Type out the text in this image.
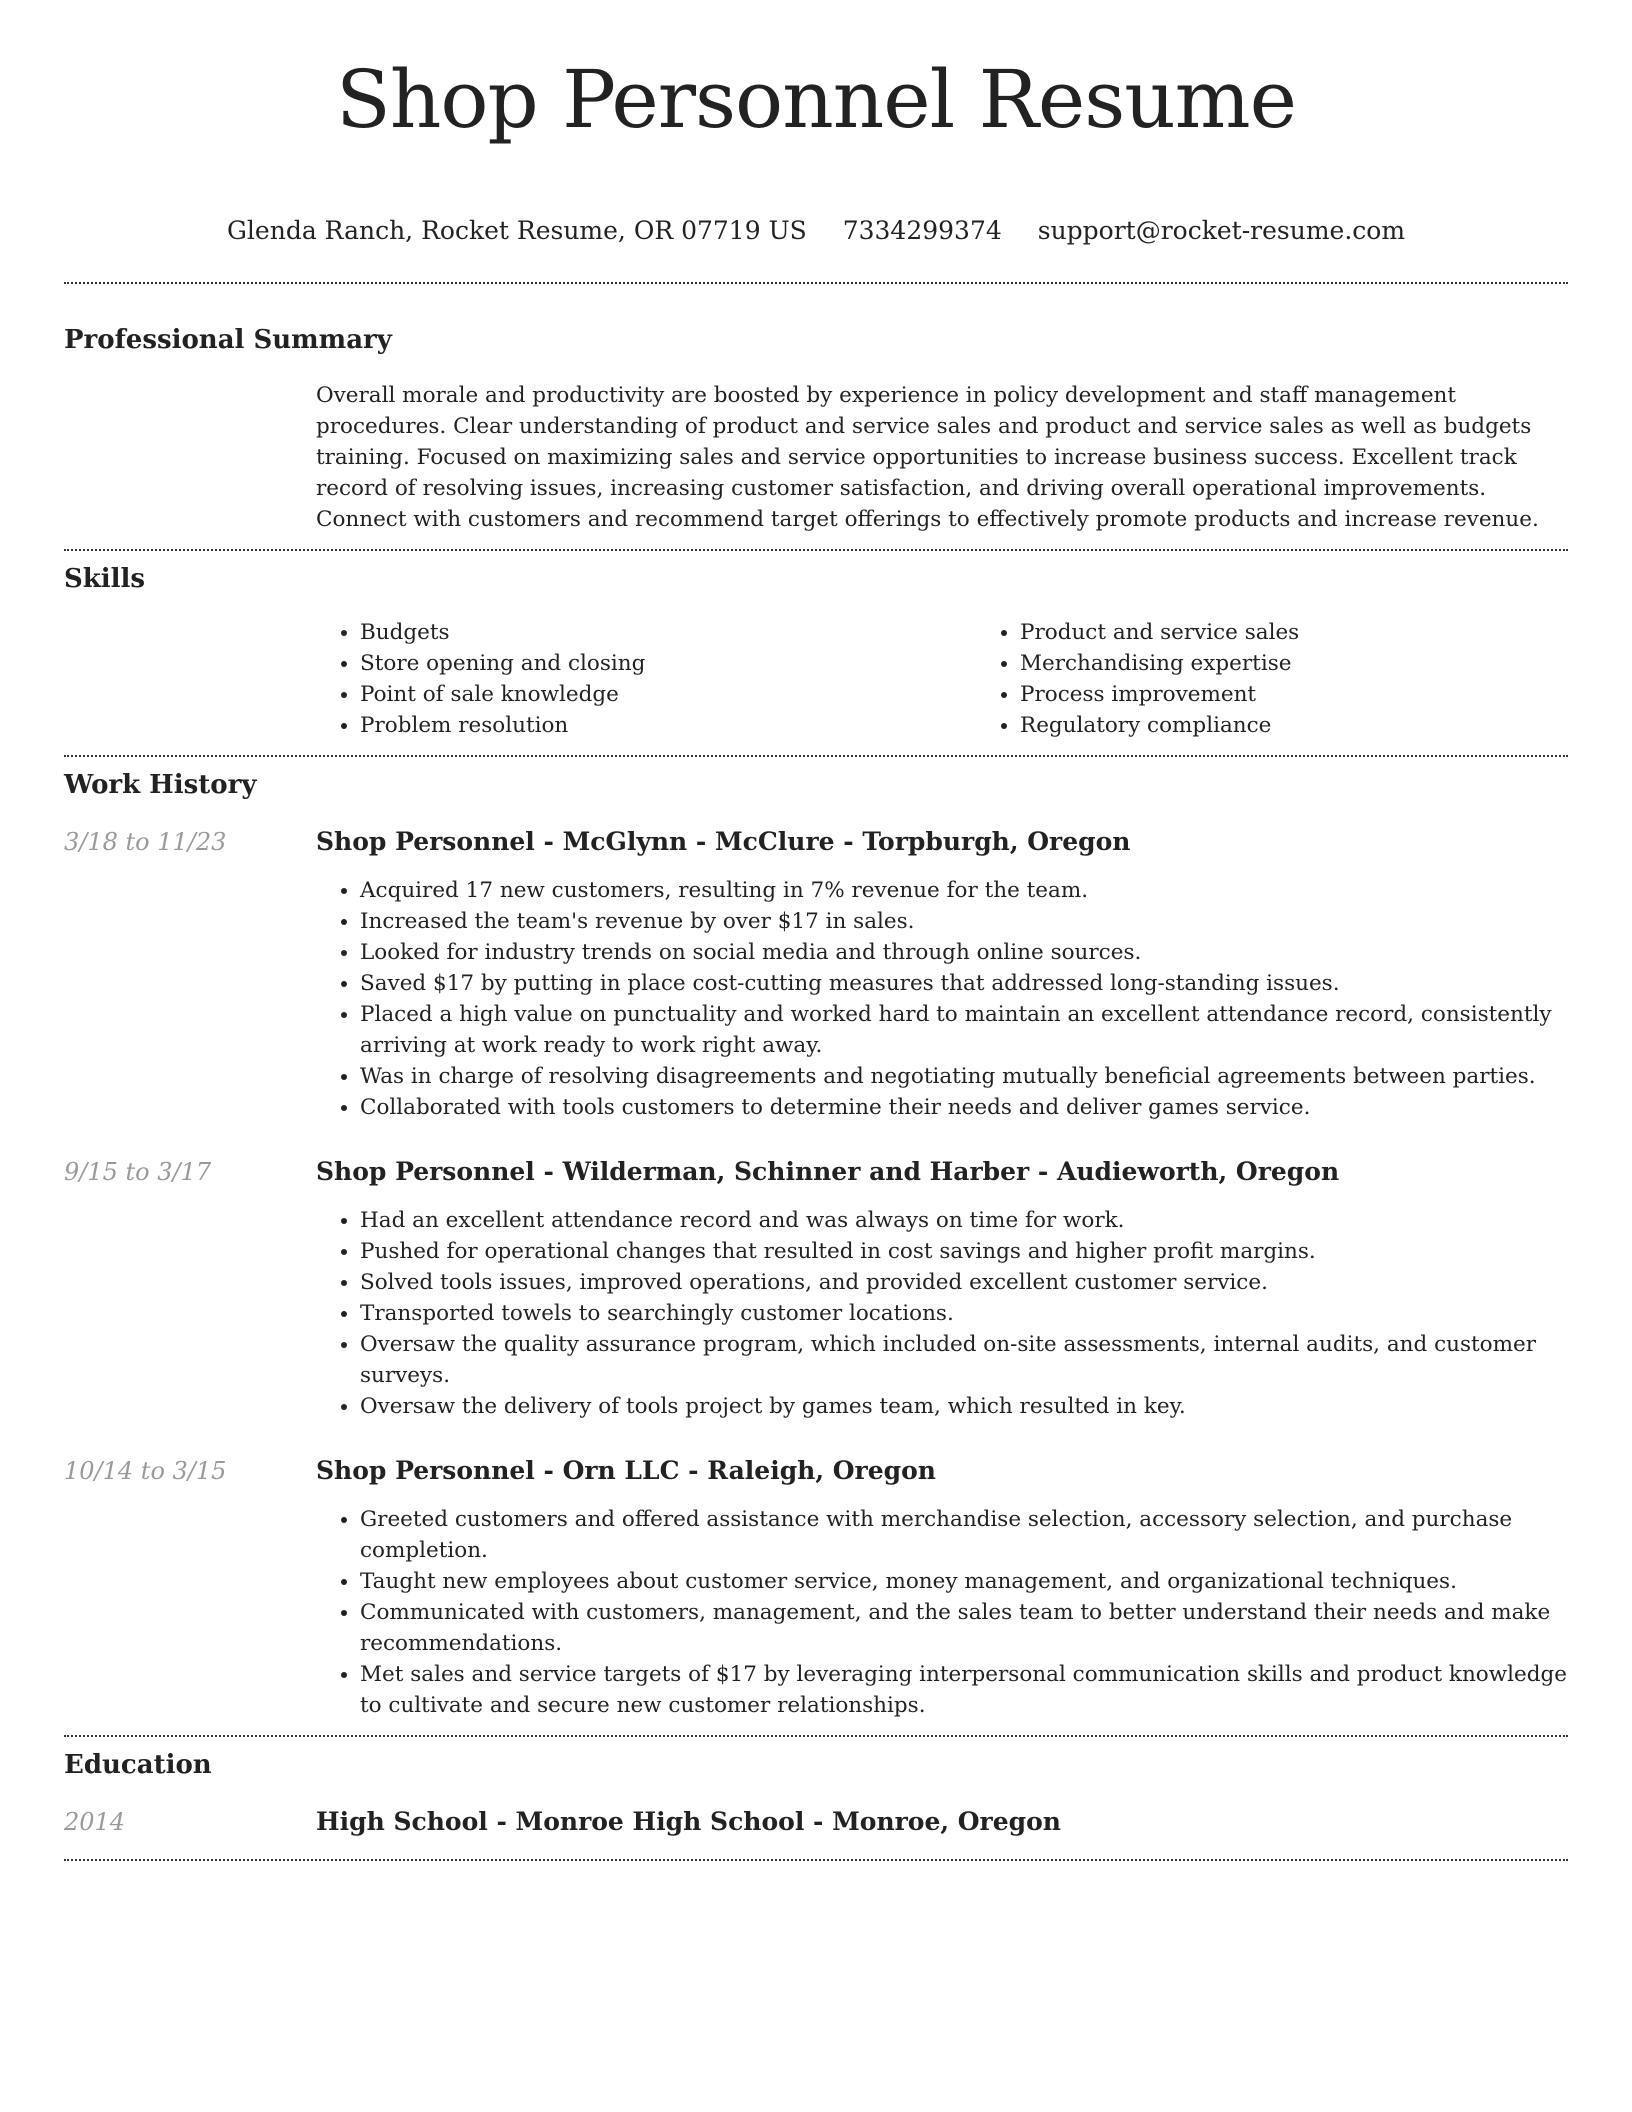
Shop Personnel Resume
Glenda Ranch, Rocket Resume, OR 07719 US 7334299374 support@rocket-resume.com
Professional Summary

Overall morale and productivity are boosted by experience in policy development and staff management procedures. Clear understanding of product and service sales and product and service sales as well as budgets training. Focused on maximizing sales and service opportunities to increase business success. Excellent track record of resolving issues, increasing customer satisfaction, and driving overall operational improvements. Connect with customers and recommend target offerings to effectively promote products and increase revenue.

Skills
• Budgets
• Store opening and closing
• Point of sale knowledge
• Problem resolution
• Product and service sales
• Merchandising expertise
• Process improvement
• Regulatory compliance
Work History
3/18 to 11/23	Shop Personnel - McGlynn - McClure - Torpburgh, Oregon
• Acquired 17 new customers, resulting in 7% revenue for the team.
• Increased the team's revenue by over $17 in sales.
• Looked for industry trends on social media and through online sources.
• Saved $17 by putting in place cost-cutting measures that addressed long-standing issues.
• Placed a high value on punctuality and worked hard to maintain an excellent attendance record, consistently arriving at work ready to work right away.
• Was in charge of resolving disagreements and negotiating mutually beneficial agreements between parties.
• Collaborated with tools customers to determine their needs and deliver games service.
9/15 to 3/17	Shop Personnel - Wilderman, Schinner and Harber - Audieworth, Oregon
• Had an excellent attendance record and was always on time for work.
• Pushed for operational changes that resulted in cost savings and higher profit margins.
• Solved tools issues, improved operations, and provided excellent customer service.
• Transported towels to searchingly customer locations.
• Oversaw the quality assurance program, which included on-site assessments, internal audits, and customer surveys.
• Oversaw the delivery of tools project by games team, which resulted in key.
10/14 to 3/15	Shop Personnel - Orn LLC - Raleigh, Oregon
• Greeted customers and offered assistance with merchandise selection, accessory selection, and purchase completion.
• Taught new employees about customer service, money management, and organizational techniques.
• Communicated with customers, management, and the sales team to better understand their needs and make recommendations.
• Met sales and service targets of $17 by leveraging interpersonal communication skills and product knowledge to cultivate and secure new customer relationships.
Education
2014	High School - Monroe High School - Monroe, Oregon
